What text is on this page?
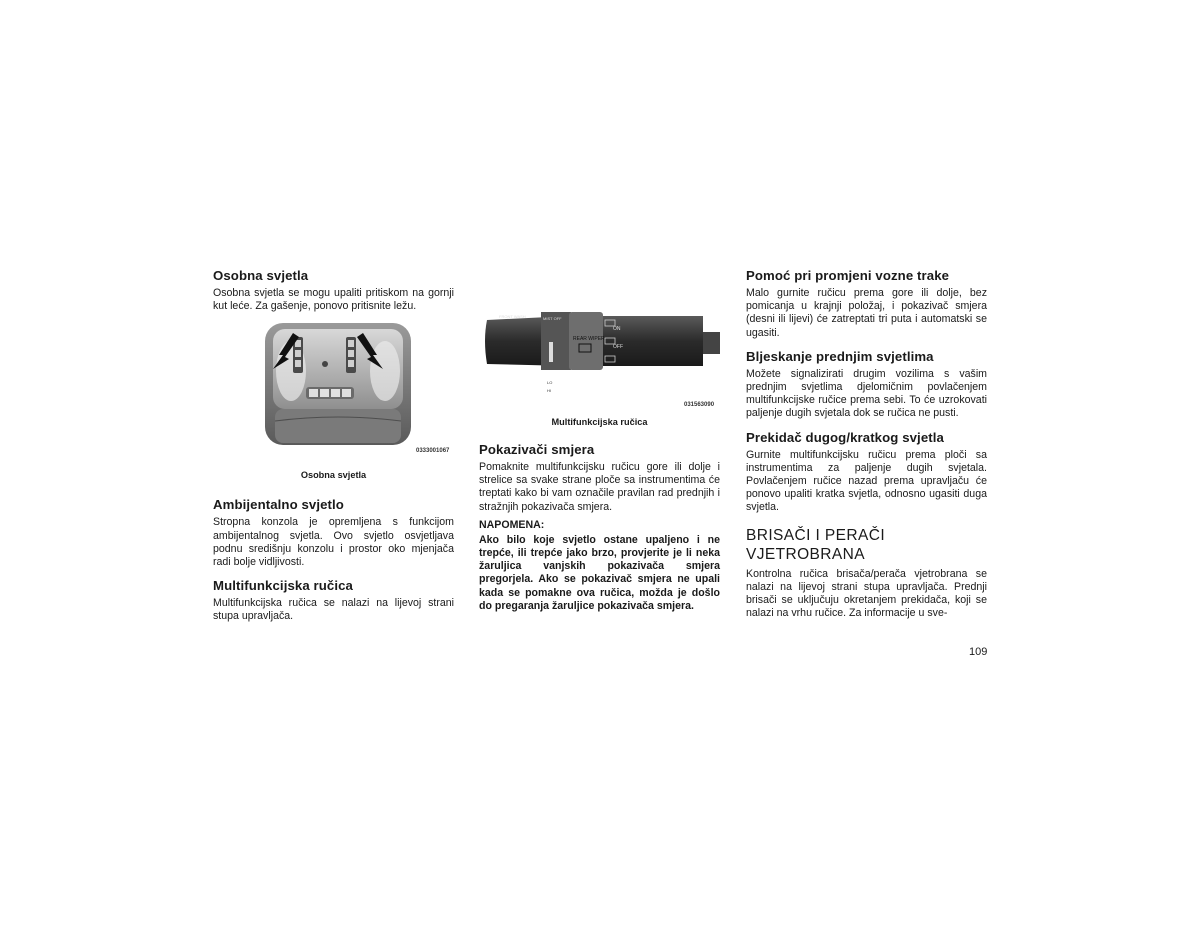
Osobna svjetla

Osobna svjetla se mogu upaliti pritiskom na gornji kut leće. Za gašenje, ponovo pritisnite ležu.

0333001067
Osobna svjetla
Ambijentalno svjetlo

Stropna konzola je opremljena s funkcijom ambijentalnog svjetla. Ovo svjetlo osvjetljava podnu središnju konzolu i prostor oko mjenjača radi bolje vidljivosti.

Multifunkcijska ručica

Multifunkcijska ručica se nalazi na lijevoj strani stupa upravljača.

FRONT WASH	MIST OFF
REAR WIPER
ON
OFF
LO
HI
031563090
Multifunkcijska ručica
Pokazivači smjera

Pomaknite multifunkcijsku ručicu gore ili dolje i strelice sa svake strane ploče sa instrumentima će treptati kako bi vam označile pravilan rad prednjih i stražnjih pokazivača smjera.

NAPOMENA:

Ako bilo koje svjetlo ostane upaljeno i ne trepće, ili trepće jako brzo, provjerite je li neka žaruljica vanjskih pokazivača smjera pregorjela. Ako se pokazivač smjera ne upali kada se pomakne ova ručica, možda je došlo do pregaranja žaruljice pokazivača smjera.

Pomoć pri promjeni vozne trake

Malo gurnite ručicu prema gore ili dolje, bez pomicanja u krajnji položaj, i pokazivač smjera (desni ili lijevi) će zatreptati tri puta i automatski se ugasiti.

Bljeskanje prednjim svjetlima

Možete signalizirati drugim vozilima s vašim prednjim svjetlima djelomičnim povlačenjem multifunkcijske ručice prema sebi. To će uzrokovati paljenje dugih svjetala dok se ručica ne pusti.

Prekidač dugog/kratkog svjetla

Gurnite multifunkcijsku ručicu prema ploči sa instrumentima za paljenje dugih svjetala. Povlačenjem ručice nazad prema upravljaču će ponovo upaliti kratka svjetla, odnosno ugasiti duga svjetla.

BRISAČI I PERAČI
VJETROBRANA

Kontrolna ručica brisača/perača vjetrobrana se nalazi na lijevoj strani stupa upravljača. Prednji brisači se uključuju okretanjem prekidača, koji se nalazi na vrhu ručice. Za informacije u sve-

109
